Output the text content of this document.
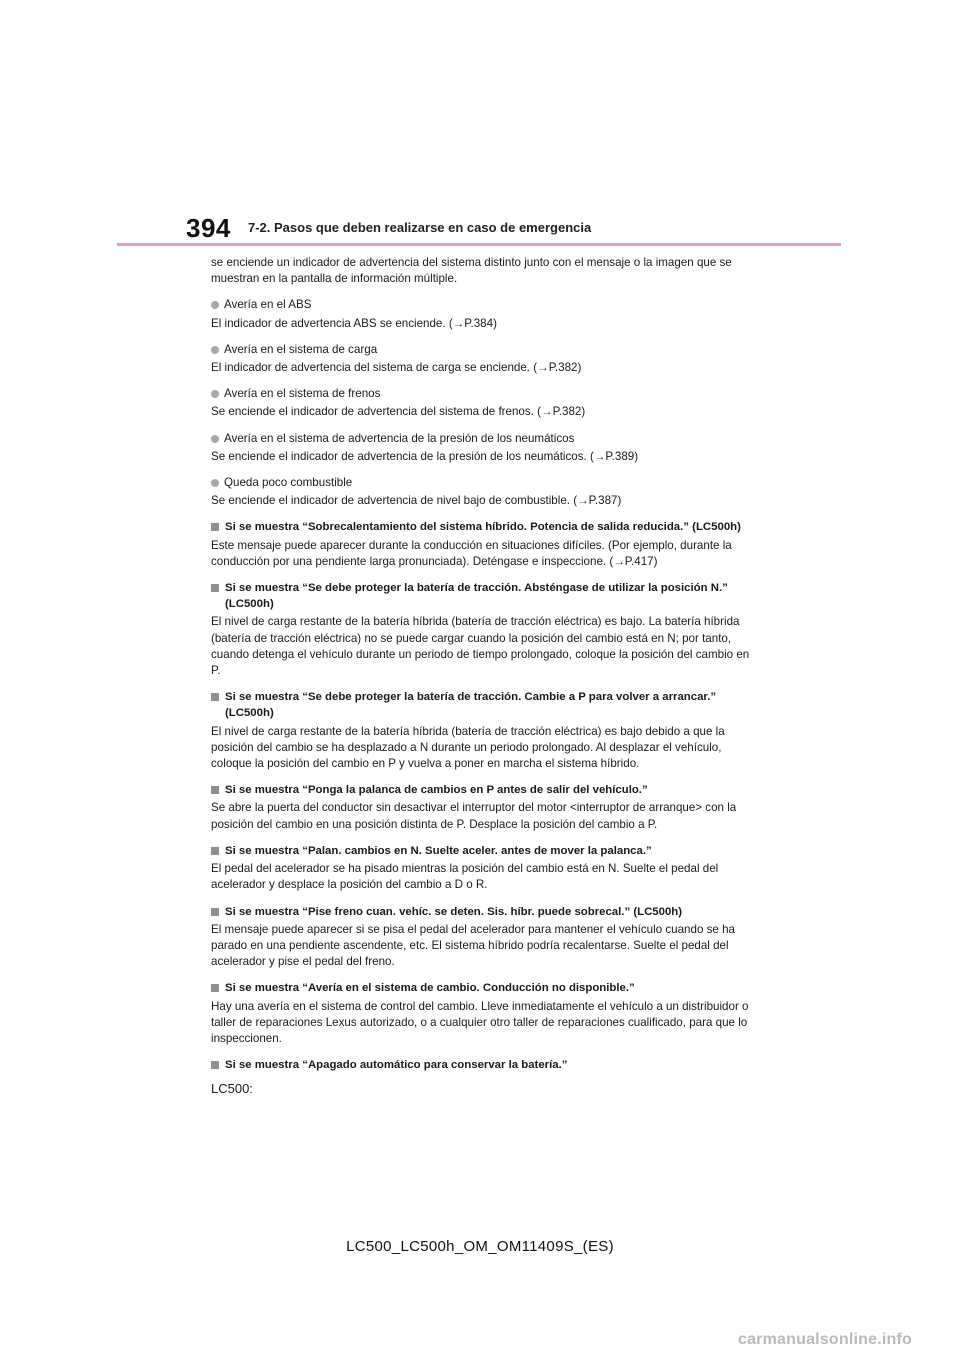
394 7-2. Pasos que deben realizarse en caso de emergencia

se enciende un indicador de advertencia del sistema distinto junto con el mensaje o la imagen que se muestran en la pantalla de información múltiple.

Avería en el ABS

El indicador de advertencia ABS se enciende. (→P.384)

Avería en el sistema de carga

El indicador de advertencia del sistema de carga se enciende. (→P.382)

Avería en el sistema de frenos

Se enciende el indicador de advertencia del sistema de frenos. (→P.382)

Avería en el sistema de advertencia de la presión de los neumáticos

Se enciende el indicador de advertencia de la presión de los neumáticos. (→P.389)

Queda poco combustible

Se enciende el indicador de advertencia de nivel bajo de combustible. (→P.387)

Si se muestra “Sobrecalentamiento del sistema híbrido. Potencia de salida reducida.” (LC500h)

Este mensaje puede aparecer durante la conducción en situaciones difíciles. (Por ejemplo, durante la conducción por una pendiente larga pronunciada). Deténgase e inspeccione. (→P.417)

Si se muestra “Se debe proteger la batería de tracción. Absténgase de utilizar la posición N.” (LC500h)

El nivel de carga restante de la batería híbrida (batería de tracción eléctrica) es bajo. La batería híbrida (batería de tracción eléctrica) no se puede cargar cuando la posición del cambio está en N; por tanto, cuando detenga el vehículo durante un periodo de tiempo prolongado, coloque la posición del cambio en P.

Si se muestra “Se debe proteger la batería de tracción. Cambie a P para volver a arrancar.” (LC500h)

El nivel de carga restante de la batería híbrida (batería de tracción eléctrica) es bajo debido a que la posición del cambio se ha desplazado a N durante un periodo prolongado. Al desplazar el vehículo, coloque la posición del cambio en P y vuelva a poner en marcha el sistema híbrido.

Si se muestra “Ponga la palanca de cambios en P antes de salir del vehículo.”

Se abre la puerta del conductor sin desactivar el interruptor del motor <interruptor de arranque> con la posición del cambio en una posición distinta de P. Desplace la posición del cambio a P.

Si se muestra “Palan. cambios en N. Suelte aceler. antes de mover la palanca.”

El pedal del acelerador se ha pisado mientras la posición del cambio está en N. Suelte el pedal del acelerador y desplace la posición del cambio a D o R.

Si se muestra “Pise freno cuan. vehíc. se deten. Sis. híbr. puede sobrecal.” (LC500h)

El mensaje puede aparecer si se pisa el pedal del acelerador para mantener el vehículo cuando se ha parado en una pendiente ascendente, etc. El sistema híbrido podría recalentarse. Suelte el pedal del acelerador y pise el pedal del freno.

Si se muestra “Avería en el sistema de cambio. Conducción no disponible.”

Hay una avería en el sistema de control del cambio. Lleve inmediatamente el vehículo a un distribuidor o taller de reparaciones Lexus autorizado, o a cualquier otro taller de reparaciones cualificado, para que lo inspeccionen.

Si se muestra “Apagado automático para conservar la batería.”

LC500:

LC500_LC500h_OM_OM11409S_(ES)
carmanualsonline.info
